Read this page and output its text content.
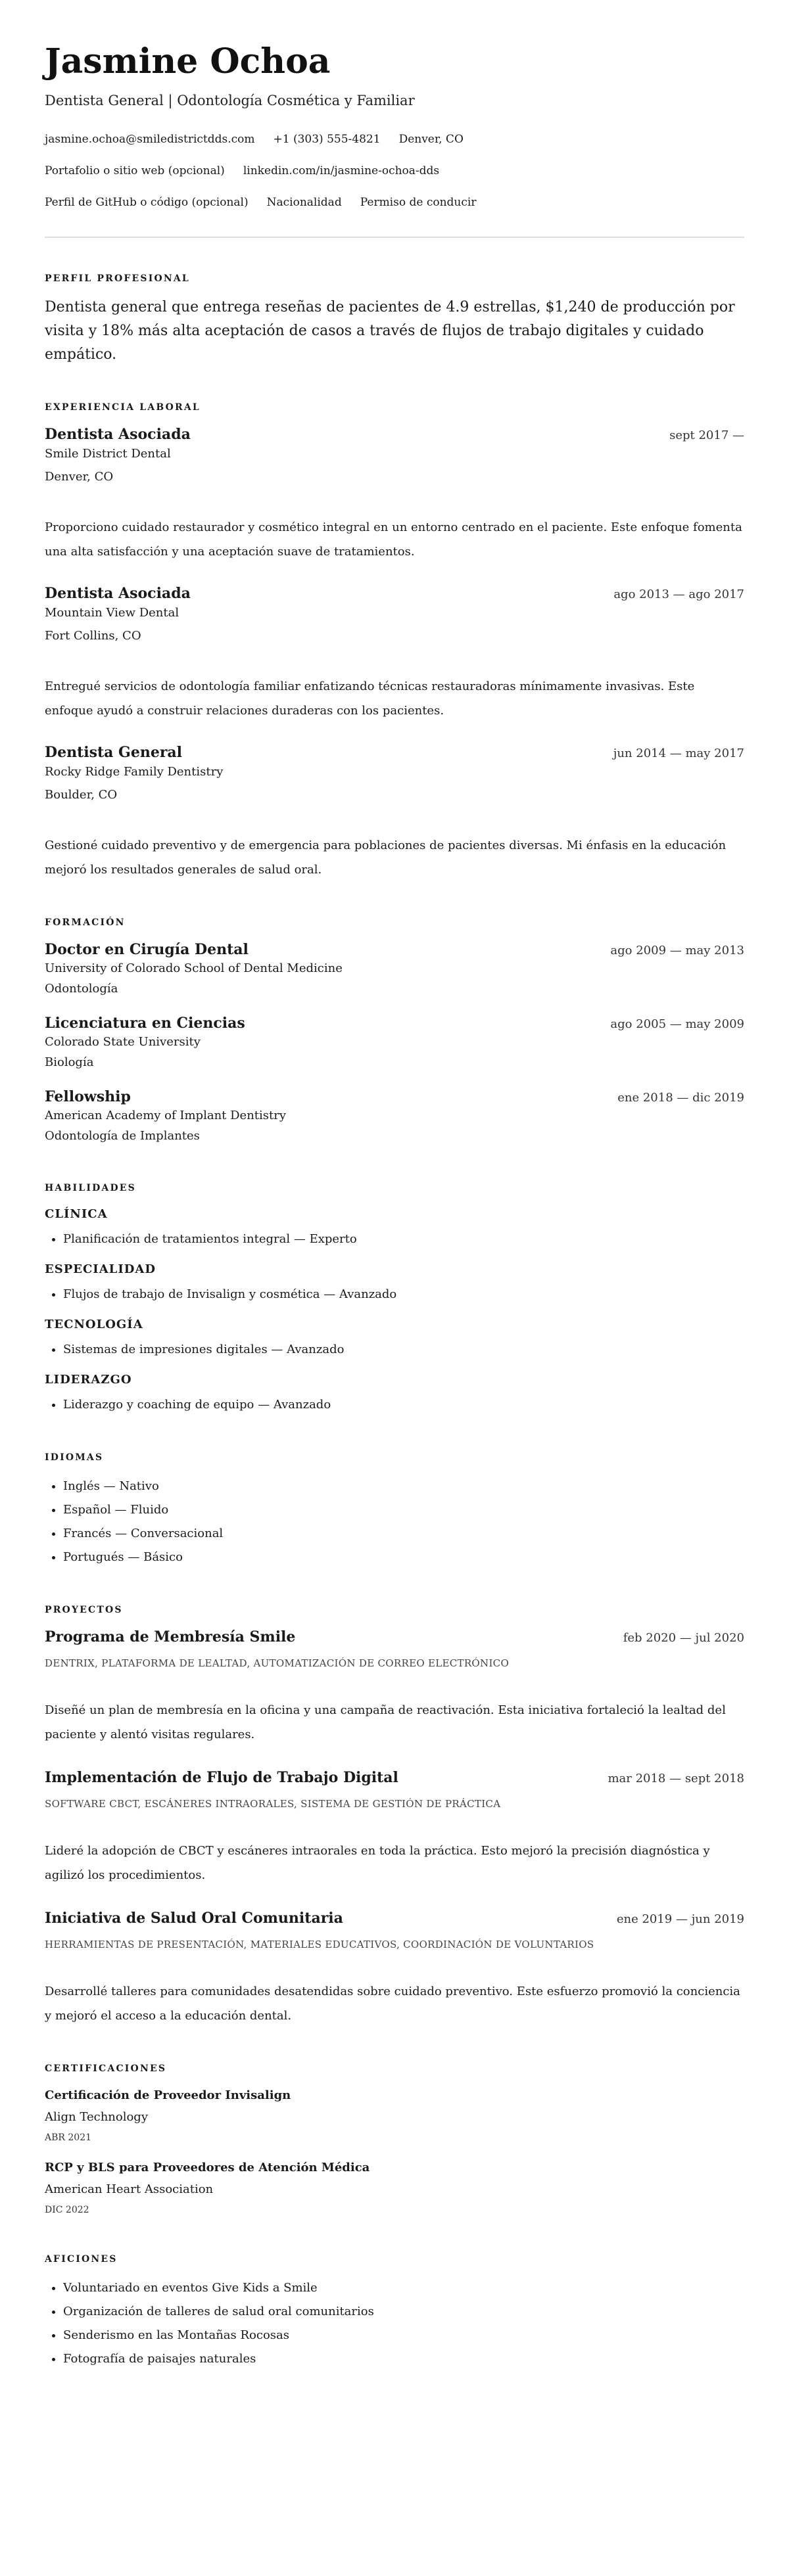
Jasmine Ochoa
Dentista General | Odontología Cosmética y Familiar
jasmine.ochoa@smiledistrictdds.com +1 (303) 555-4821 Denver, CO
Portafolio o sitio web (opcional) linkedin.com/in/jasmine-ochoa-dds
Perfil de GitHub o código (opcional) Nacionalidad Permiso de conducir
PERFIL PROFESIONAL

Dentista general que entrega reseñas de pacientes de 4.9 estrellas, $1,240 de producción por visita y 18% más alta aceptación de casos a través de flujos de trabajo digitales y cuidado empático.

EXPERIENCIA LABORAL
Dentista Asociada	sept 2017 —
Smile District Dental
Denver, CO
Proporciono cuidado restaurador y cosmético integral en un entorno centrado en el paciente. Este enfoque fomenta una alta satisfacción y una aceptación suave de tratamientos.
Dentista Asociada	ago 2013 — ago 2017
Mountain View Dental
Fort Collins, CO
Entregué servicios de odontología familiar enfatizando técnicas restauradoras mínimamente invasivas. Este enfoque ayudó a construir relaciones duraderas con los pacientes.
Dentista General	jun 2014 — may 2017
Rocky Ridge Family Dentistry
Boulder, CO
Gestioné cuidado preventivo y de emergencia para poblaciones de pacientes diversas. Mi énfasis en la educación mejoró los resultados generales de salud oral.
FORMACIÓN
Doctor en Cirugía Dental	ago 2009 — may 2013
University of Colorado School of Dental Medicine
Odontología
Licenciatura en Ciencias	ago 2005 — may 2009
Colorado State University
Biología
Fellowship	ene 2018 — dic 2019
American Academy of Implant Dentistry
Odontología de Implantes
HABILIDADES
CLÍNICA
• Planificación de tratamientos integral — Experto
ESPECIALIDAD
• Flujos de trabajo de Invisalign y cosmética — Avanzado
TECNOLOGÍA
• Sistemas de impresiones digitales — Avanzado
LIDERAZGO
• Liderazgo y coaching de equipo — Avanzado
IDIOMAS
• Inglés — Nativo
• Español — Fluido
• Francés — Conversacional
• Portugués — Básico
PROYECTOS
Programa de Membresía Smile	feb 2020 — jul 2020
DENTRIX, PLATAFORMA DE LEALTAD, AUTOMATIZACIÓN DE CORREO ELECTRÓNICO
Diseñé un plan de membresía en la oficina y una campaña de reactivación. Esta iniciativa fortaleció la lealtad del paciente y alentó visitas regulares.
Implementación de Flujo de Trabajo Digital	mar 2018 — sept 2018
SOFTWARE CBCT, ESCÁNERES INTRAORALES, SISTEMA DE GESTIÓN DE PRÁCTICA
Lideré la adopción de CBCT y escáneres intraorales en toda la práctica. Esto mejoró la precisión diagnóstica y agilizó los procedimientos.
Iniciativa de Salud Oral Comunitaria	ene 2019 — jun 2019
HERRAMIENTAS DE PRESENTACIÓN, MATERIALES EDUCATIVOS, COORDINACIÓN DE VOLUNTARIOS
Desarrollé talleres para comunidades desatendidas sobre cuidado preventivo. Este esfuerzo promovió la conciencia y mejoró el acceso a la educación dental.
CERTIFICACIONES
Certificación de Proveedor Invisalign
Align Technology
ABR 2021
RCP y BLS para Proveedores de Atención Médica
American Heart Association
DIC 2022
AFICIONES
• Voluntariado en eventos Give Kids a Smile
• Organización de talleres de salud oral comunitarios
• Senderismo en las Montañas Rocosas
• Fotografía de paisajes naturales
